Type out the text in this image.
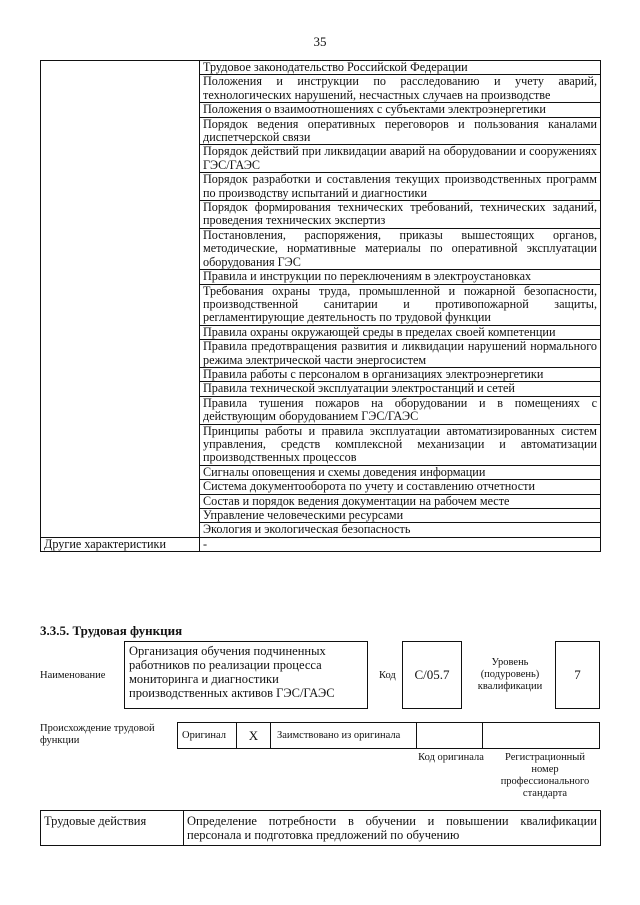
35
	Трудовое законодательство Российской Федерации
	Положения и инструкции по расследованию и учету аварий, технологических нарушений, несчастных случаев на производстве
	Положения о взаимоотношениях с субъектами электроэнергетики
	Порядок ведения оперативных переговоров и пользования каналами диспетчерской связи
	Порядок действий при ликвидации аварий на оборудовании и сооружениях ГЭС/ГАЭС
	Порядок разработки и составления текущих производственных программ по производству испытаний и диагностики
	Порядок формирования технических требований, технических заданий, проведения технических экспертиз
	Постановления, распоряжения, приказы вышестоящих органов, методические, нормативные материалы по оперативной эксплуатации оборудования ГЭС
	Правила и инструкции по переключениям в электроустановках
	Требования охраны труда, промышленной и пожарной безопасности, производственной санитарии и противопожарной защиты, регламентирующие деятельность по трудовой функции
	Правила охраны окружающей среды в пределах своей компетенции
	Правила предотвращения развития и ликвидации нарушений нормального режима электрической части энергосистем
	Правила работы с персоналом в организациях электроэнергетики
	Правила технической эксплуатации электростанций и сетей
	Правила тушения пожаров на оборудовании и в помещениях с действующим оборудованием ГЭС/ГАЭС
	Принципы работы и правила эксплуатации автоматизированных систем управления, средств комплексной механизации и автоматизации производственных процессов
	Сигналы оповещения и схемы доведения информации
	Система документооборота по учету и составлению отчетности
	Состав и порядок ведения документации на рабочем месте
	Управление человеческими ресурсами
	Экология и экологическая безопасность
Другие характеристики	-
3.3.5. Трудовая функция
Наименование
Организация обучения подчиненных работников по реализации процесса мониторинга и диагностики производственных активов ГЭС/ГАЭС
Код C/05.7
Уровень (подуровень) квалификации
7
Происхождение трудовой функции	Оригинал X Заимствовано из оригинала
Код оригинала	Регистрационный номер профессионального стандарта
Трудовые действия	Определение потребности в обучении и повышении квалификации персонала и подготовка предложений по обучению
